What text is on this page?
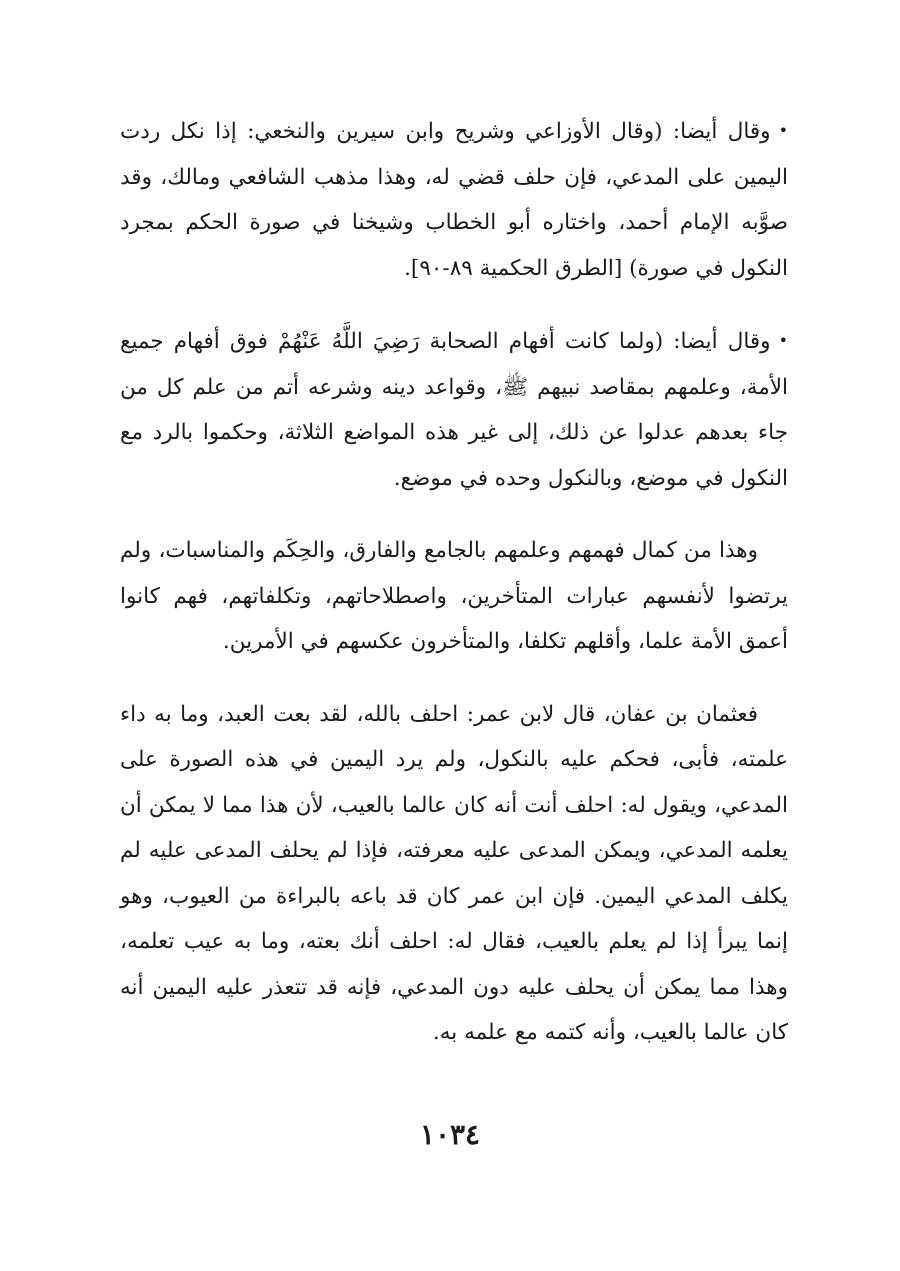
•وقال أيضا: (وقال الأوزاعي وشريح وابن سيرين والنخعي: إذا نكل ردت اليمين على المدعي، فإن حلف قضي له، وهذا مذهب الشافعي ومالك، وقد صوَّبه الإمام أحمد، واختاره أبو الخطاب وشيخنا في صورة الحكم بمجرد النكول في صورة) [الطرق الحكمية ٨٩-٩٠].

•وقال أيضا: (ولما كانت أفهام الصحابة رَضِيَ اللَّهُ عَنْهُمْ فوق أفهام جميع الأمة، وعلمهم بمقاصد نبيهم ﷺ، وقواعد دينه وشرعه أتم من علم كل من جاء بعدهم عدلوا عن ذلك، إلى غير هذه المواضع الثلاثة، وحكموا بالرد مع النكول في موضع، وبالنكول وحده في موضع.

وهذا من كمال فهمهم وعلمهم بالجامع والفارق، والحِكَم والمناسبات، ولم يرتضوا لأنفسهم عبارات المتأخرين، واصطلاحاتهم، وتكلفاتهم، فهم كانوا أعمق الأمة علما، وأقلهم تكلفا، والمتأخرون عكسهم في الأمرين.

فعثمان بن عفان، قال لابن عمر: احلف بالله، لقد بعت العبد، وما به داء علمته، فأبى، فحكم عليه بالنكول، ولم يرد اليمين في هذه الصورة على المدعي، ويقول له: احلف أنت أنه كان عالما بالعيب، لأن هذا مما لا يمكن أن يعلمه المدعي، ويمكن المدعى عليه معرفته، فإذا لم يحلف المدعى عليه لم يكلف المدعي اليمين. فإن ابن عمر كان قد باعه بالبراءة من العيوب، وهو إنما يبرأ إذا لم يعلم بالعيب، فقال له: احلف أنك بعته، وما به عيب تعلمه، وهذا مما يمكن أن يحلف عليه دون المدعي، فإنه قد تتعذر عليه اليمين أنه كان عالما بالعيب، وأنه كتمه مع علمه به.

١٠٣٤
